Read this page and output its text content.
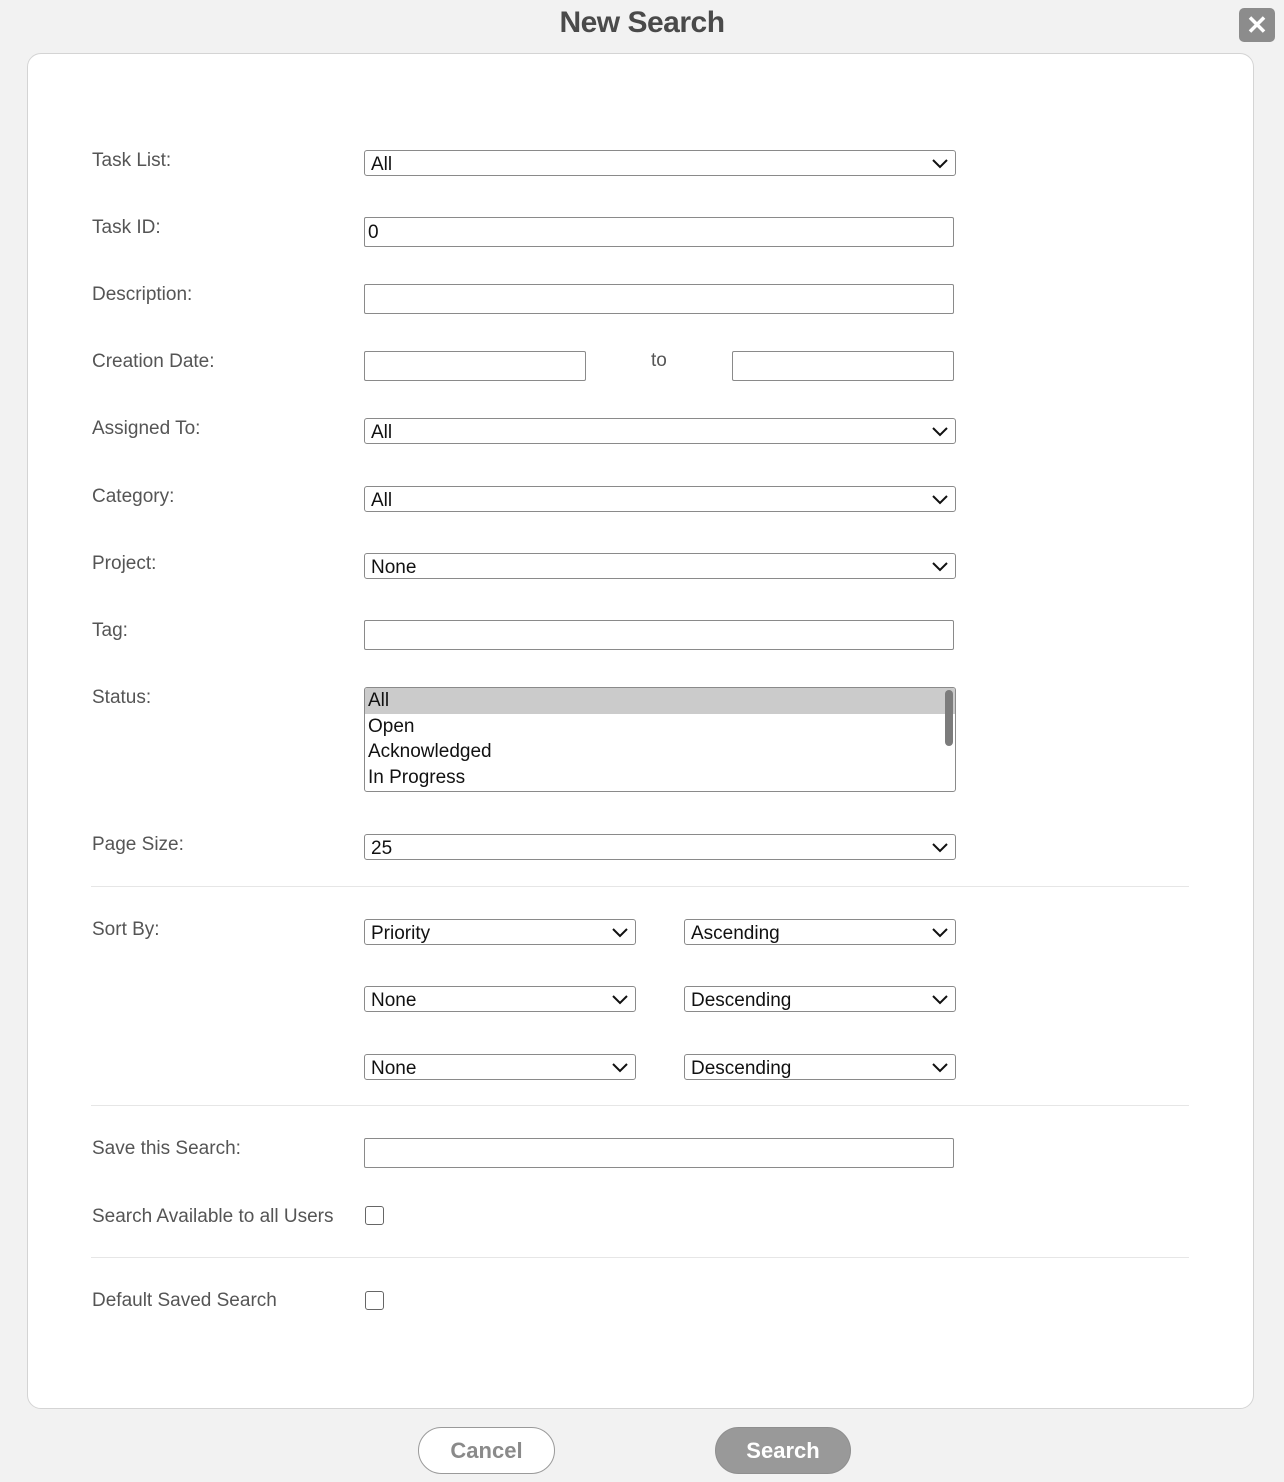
New Search	✕
Task List:	All
Task ID:	0
Description:
Creation Date:	to
Assigned To:	All
Category:	All
Project:	None
Tag:
Status:	All
Open
Acknowledged
In Progress
Page Size:	25
Sort By:	Priority	Ascending
None	Descending
None	Descending
Save this Search:
Search Available to all Users
Default Saved Search
Cancel	Search
